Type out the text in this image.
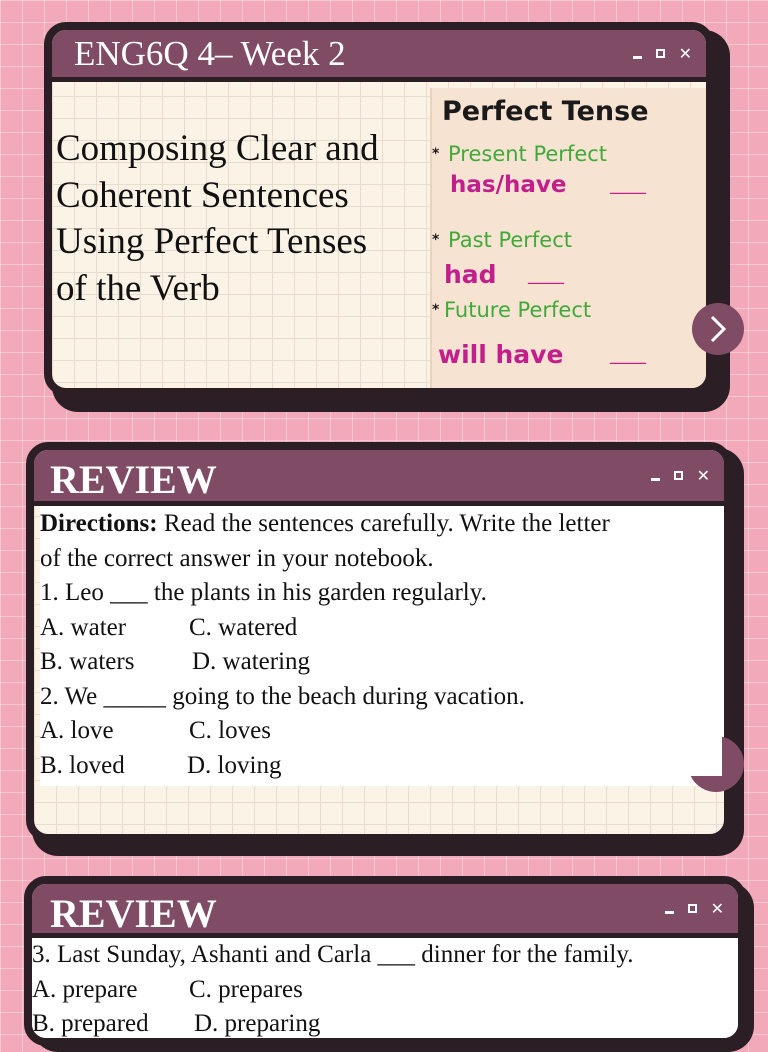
ENG6Q 4– Week 2	✕
Composing Clear and
Coherent Sentences
Using Perfect Tenses
of the Verb
Perfect Tense
* Present Perfect
has/have ____
* Past Perfect
had ____
* Future Perfect
will have	____
REVIEW	✕
Directions: Read the sentences carefully. Write the letter
of the correct answer in your notebook.
1. Leo ___ the plants in his garden regularly.
A. water	C. watered
B. waters D. watering
2. We _____ going to the beach during vacation.
A. love	C. loves
B. loved D. loving
REVIEW	✕
3. Last Sunday, Ashanti and Carla ___ dinner for the family.
A. prepare C. prepares
B. prepared D. preparing
